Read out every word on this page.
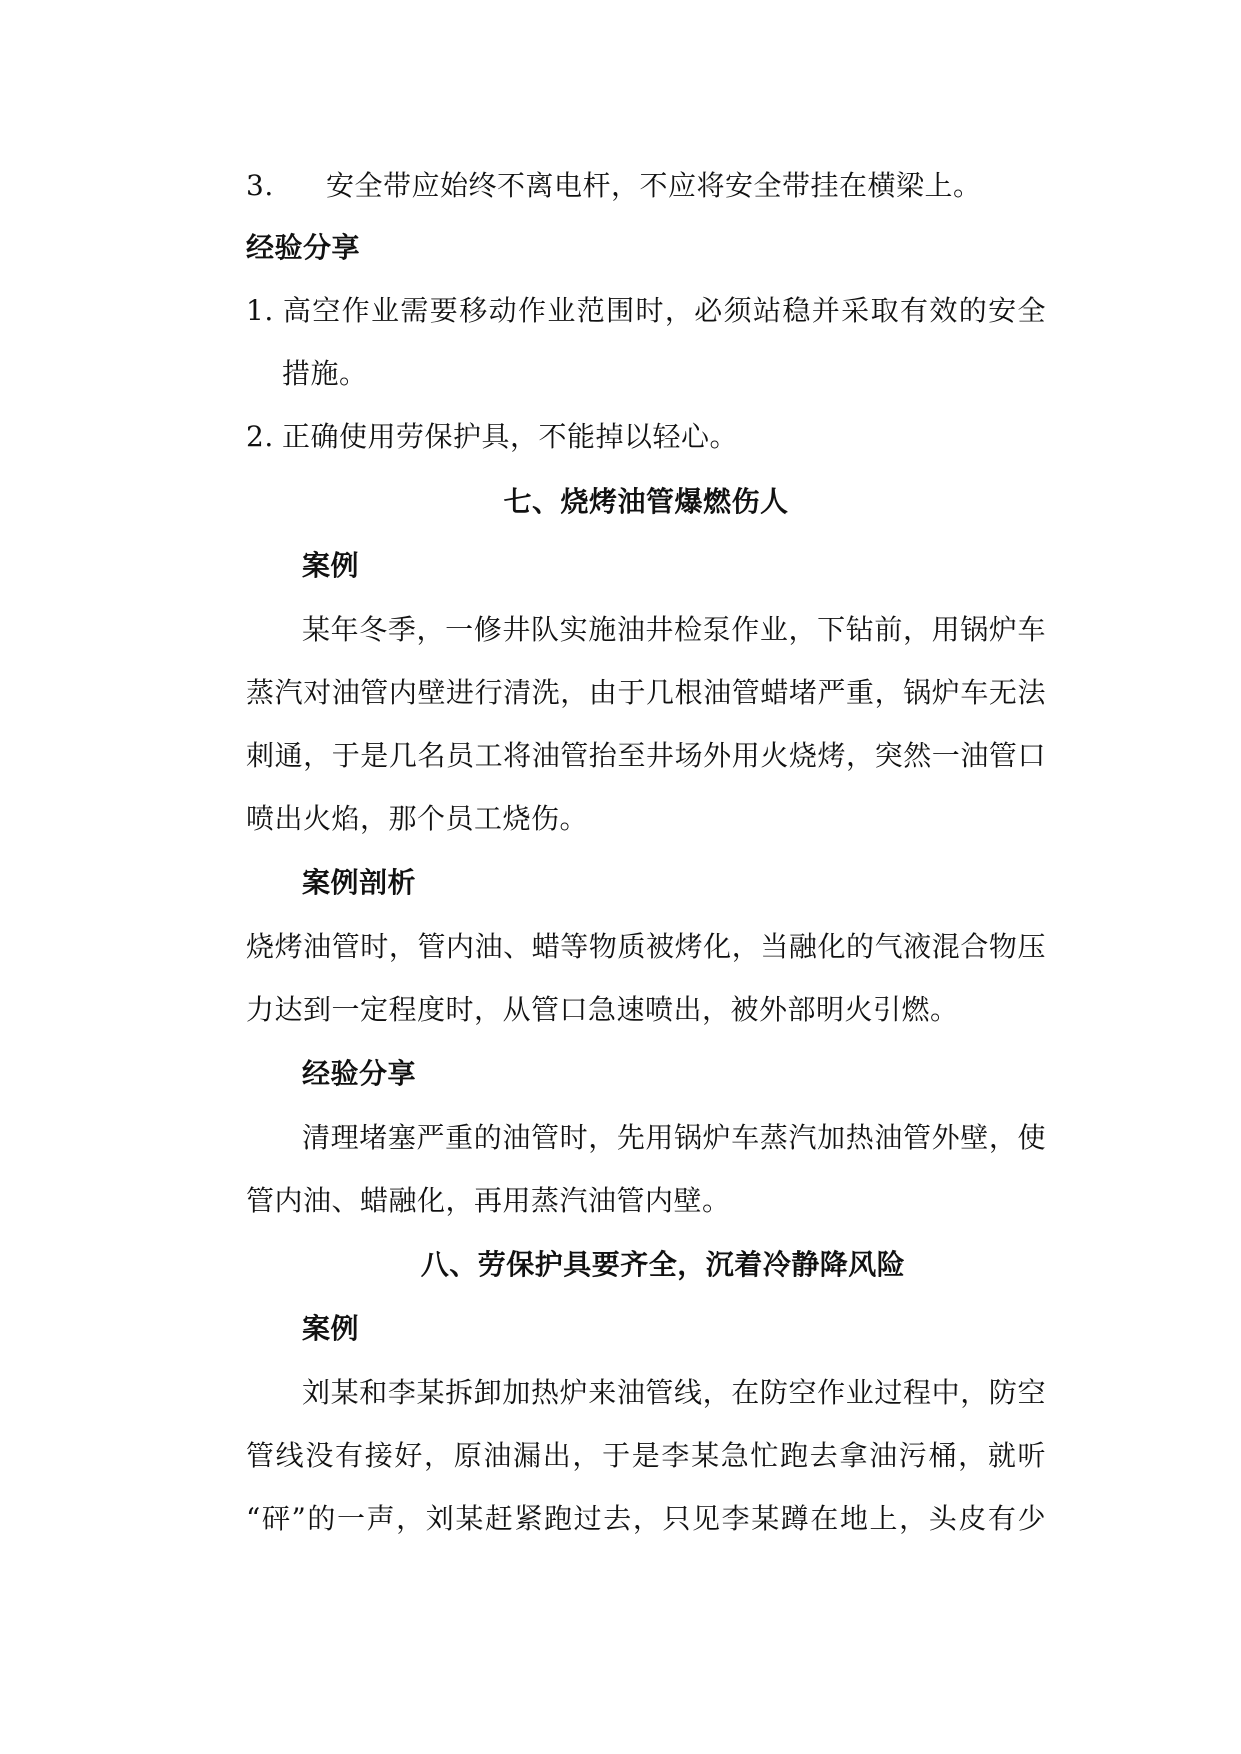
3. 安全带应始终不离电杆，不应将安全带挂在横梁上。
经验分享
1. 高空作业需要移动作业范围时，必须站稳并采取有效的安全
措施。
2. 正确使用劳保护具，不能掉以轻心。
七、烧烤油管爆燃伤人
案例
某年冬季，一修井队实施油井检泵作业，下钻前，用锅炉车
蒸汽对油管内壁进行清洗，由于几根油管蜡堵严重，锅炉车无法
刺通，于是几名员工将油管抬至井场外用火烧烤，突然一油管口
喷出火焰，那个员工烧伤。
案例剖析
烧烤油管时，管内油、蜡等物质被烤化，当融化的气液混合物压
力达到一定程度时，从管口急速喷出，被外部明火引燃。
经验分享
清理堵塞严重的油管时，先用锅炉车蒸汽加热油管外壁，使
管内油、蜡融化，再用蒸汽油管内壁。
八、劳保护具要齐全，沉着冷静降风险
案例
刘某和李某拆卸加热炉来油管线，在防空作业过程中，防空
管线没有接好，原油漏出，于是李某急忙跑去拿油污桶，就听
“砰”的一声，刘某赶紧跑过去，只见李某蹲在地上，头皮有少
